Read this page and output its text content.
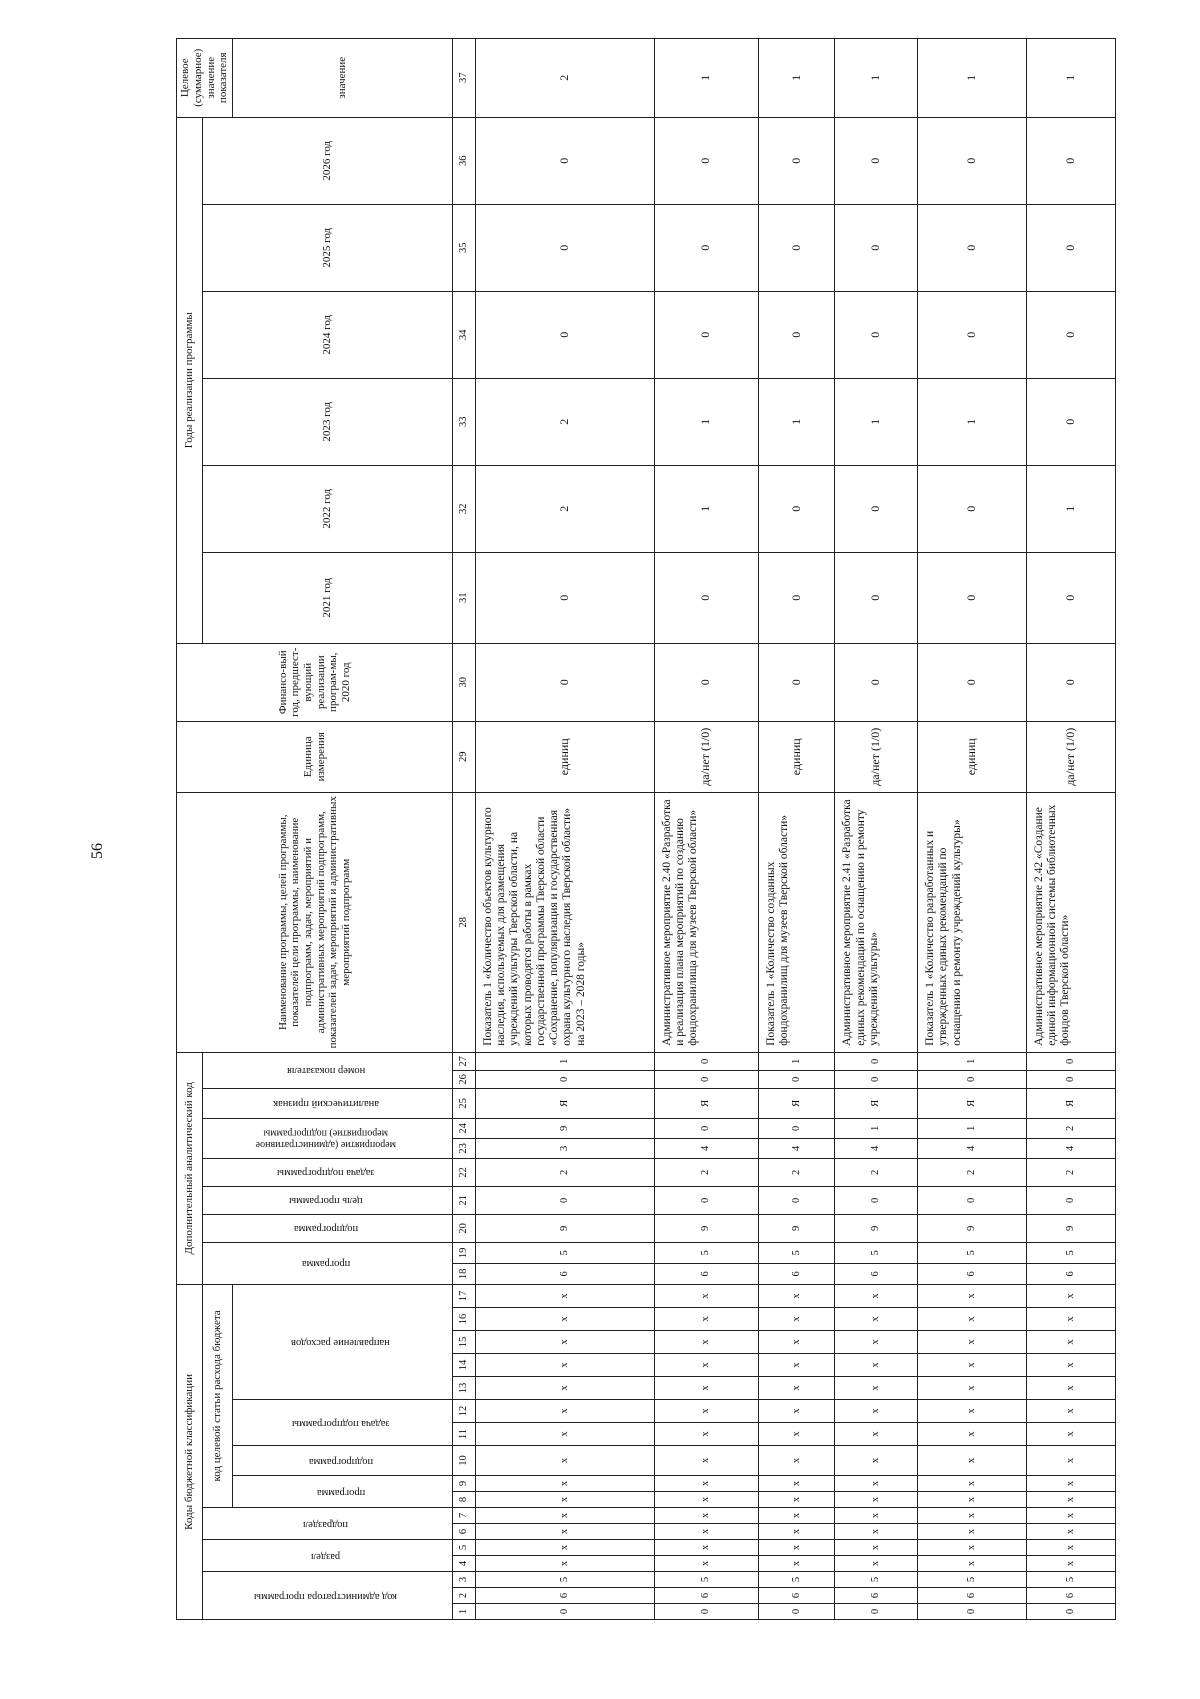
56
Коды бюджетной классификации																	Дополнительный аналитический код										Наименование программы, целей программы, показателей цели программы, наименование подпрограмм, задач, мероприятий и административных мероприятий подпрограмм, показателей задач, мероприятий и административных мероприятий подпрограмм	Единица измерения	Финансо-вый год, предшест-вующий реализации програм-мы, 2020 год	Годы реализации программы						Целевое (суммарное) значение показателя
код администратора программы			раздел		подраздел		код целевой статьи расхода бюджета										программа		подпрограмма	цель программы	задача подпрограммы	мероприятие (административное мероприятие) подпрограммы		аналитический признак	номер показателя					2021 год	2022 год	2023 год	2024 год	2025 год	2026 год	
							программа		подпрограмма	задача подпрограммы		направление расходов																								значение
1	2	3	4	5	6	7	8	9	10	11	12	13	14	15	16	17	18	19	20	21	22	23	24	25	26	27	28	29	30	31	32	33	34	35	36	37
0	6	5	x	x	x	x	x	x	x	x	x	x	x	x	x	x	6	5	9	0	2	3	9	Я	0	1	Показатель 1 «Количество объектов культурного наследия, используемых для размещения учреждений культуры Тверской области, на которых проводятся работы в рамках государственной программы Тверской области «Сохранение, популяризация и государственная охрана культурного наследия Тверской области» на 2023 – 2028 годы»	единиц	0	0	2	2	0	0	0	2
0	6	5	x	x	x	x	x	x	x	x	x	x	x	x	x	x	6	5	9	0	2	4	0	Я	0	0	Административное мероприятие 2.40 «Разработка и реализация плана мероприятий по созданию фондохранилища для музеев Тверской области»	да/нет (1/0)	0	0	1	1	0	0	0	1
0	6	5	x	x	x	x	x	x	x	x	x	x	x	x	x	x	6	5	9	0	2	4	0	Я	0	1	Показатель 1 «Количество созданных фондохранилищ для музеев Тверской области»	единиц	0	0	0	1	0	0	0	1
0	6	5	x	x	x	x	x	x	x	x	x	x	x	x	x	x	6	5	9	0	2	4	1	Я	0	0	Административное мероприятие 2.41 «Разработка единых рекомендаций по оснащению и ремонту учреждений культуры»	да/нет (1/0)	0	0	0	1	0	0	0	1
0	6	5	x	x	x	x	x	x	x	x	x	x	x	x	x	x	6	5	9	0	2	4	1	Я	0	1	Показатель 1 «Количество разработанных и утвержденных единых рекомендаций по оснащению и ремонту учреждений культуры»	единиц	0	0	0	1	0	0	0	1
0	6	5	x	x	x	x	x	x	x	x	x	x	x	x	x	x	6	5	9	0	2	4	2	Я	0	0	Административное мероприятие 2.42 «Создание единой информационной системы библиотечных фондов Тверской области»	да/нет (1/0)	0	0	1	0	0	0	0	1
